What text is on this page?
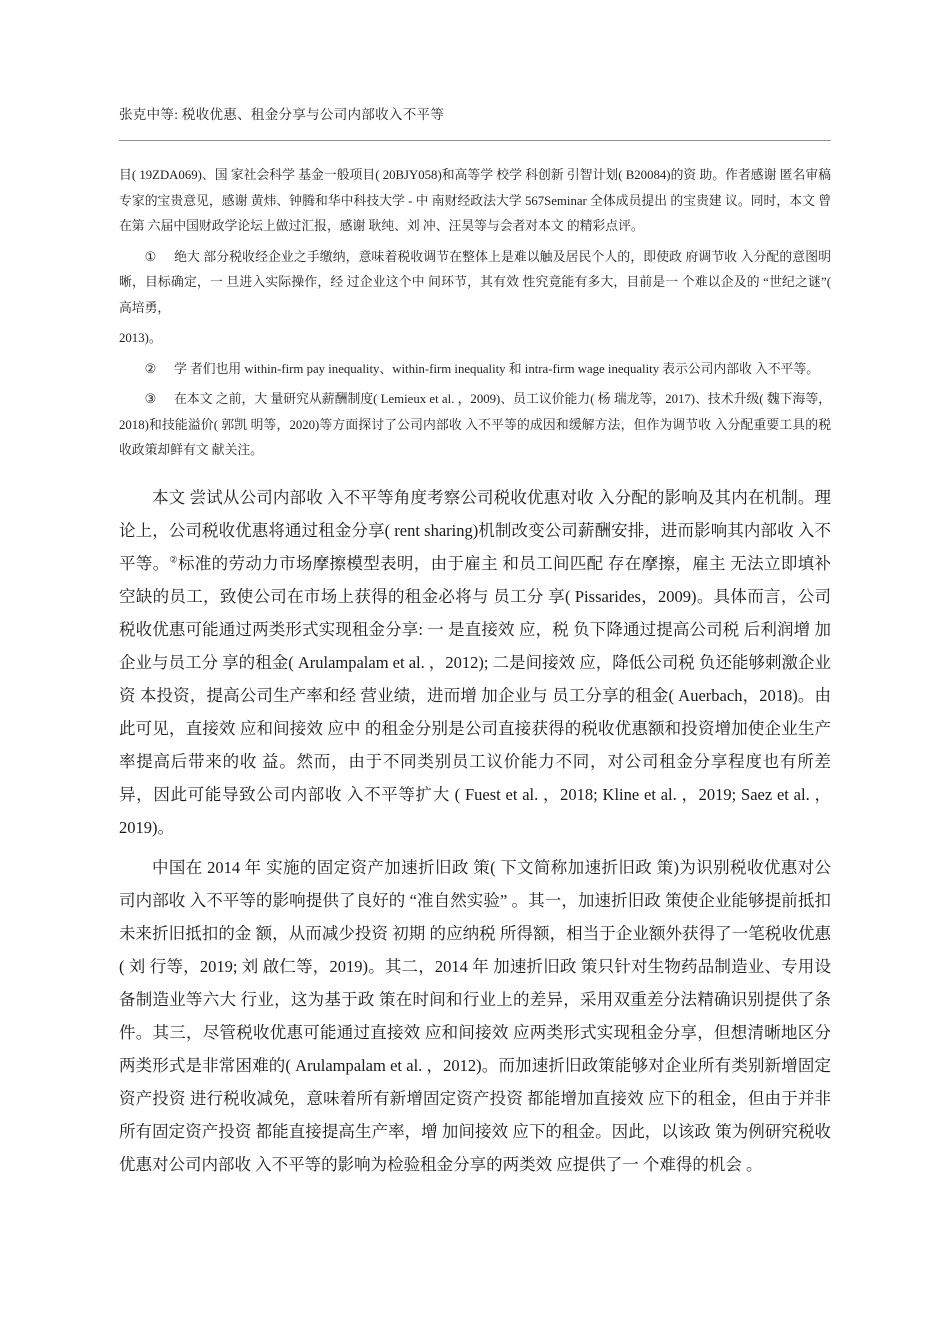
张克中等: 税收优惠、租金分享与公司内部收入不平等

目( 19ZDA069)、国 家社会科学 基金一般项目( 20BJY058)和高等学 校学 科创新 引智计划( B20084)的资 助。作者感谢 匿名审稿专家的宝贵意见，感谢 黄炜、钟腾和华中科技大学 - 中 南财经政法大学 567Seminar 全体成员提出 的宝贵建 议。同时，本文 曾在第 六届中国财政学论坛上做过汇报，感谢 耿纯、刘 冲、汪昊等与会者对本文 的精彩点评。

① 绝大 部分税收经企业之手缴纳，意味着税收调节在整体上是难以触及居民个人的，即使政 府调节收 入分配的意图明晰，目标确定，一 旦进入实际操作，经 过企业这个中 间环节，其有效 性究竟能有多大，目前是一 个难以企及的 “世纪之谜”( 高培勇，

2013)。

② 学 者们也用 within-firm pay inequality、within-firm inequality 和 intra-firm wage inequality 表示公司内部收 入不平等。

③ 在本文 之前，大 量研究从薪酬制度( Lemieux et al. ，2009)、员工议价能力( 杨 瑞龙等，2017)、技术升级( 魏下海等，2018)和技能溢价( 郭凯 明等，2020)等方面探讨了公司内部收 入不平等的成因和缓解方法，但作为调节收 入分配重要工具的税收政策却鲜有文 献关注。

本文 尝试从公司内部收 入不平等角度考察公司税收优惠对收 入分配的影响及其内在机制。理论上，公司税收优惠将通过租金分享( rent sharing)机制改变公司薪酬安排，进而影响其内部收 入不平等。②标准的劳动力市场摩擦模型表明，由于雇主 和员工间匹配 存在摩擦，雇主 无法立即填补空缺的员工，致使公司在市场上获得的租金必将与 员工分 享( Pissarides，2009)。具体而言，公司税收优惠可能通过两类形式实现租金分享: 一 是直接效 应，税 负下降通过提高公司税 后利润增 加企业与员工分 享的租金( Arulampalam et al. ，2012); 二是间接效 应，降低公司税 负还能够刺激企业资 本投资，提高公司生产率和经 营业绩，进而增 加企业与 员工分享的租金( Auerbach，2018)。由此可见，直接效 应和间接效 应中 的租金分别是公司直接获得的税收优惠额和投资增加使企业生产率提高后带来的收 益。然而，由于不同类别员工议价能力不同，对公司租金分享程度也有所差异，因此可能导致公司内部收 入不平等扩大 ( Fuest et al. ，2018; Kline et al. ，2019; Saez et al. ，2019)。

中国在 2014 年 实施的固定资产加速折旧政 策( 下文简称加速折旧政 策)为识别税收优惠对公司内部收 入不平等的影响提供了良好的 “准自然实验” 。其一，加速折旧政 策使企业能够提前抵扣未来折旧抵扣的金 额，从而减少投资 初期 的应纳税 所得额，相当于企业额外获得了一笔税收优惠 ( 刘 行等，2019; 刘 啟仁等，2019)。其二，2014 年 加速折旧政 策只针对生物药品制造业、专用设 备制造业等六大 行业，这为基于政 策在时间和行业上的差异，采用双重差分法精确识别提供了条件。其三，尽管税收优惠可能通过直接效 应和间接效 应两类形式实现租金分享，但想清晰地区分 两类形式是非常困难的( Arulampalam et al. ，2012)。而加速折旧政策能够对企业所有类别新增固定资产投资 进行税收减免，意味着所有新增固定资产投资 都能增加直接效 应下的租金，但由于并非所有固定资产投资 都能直接提高生产率，增 加间接效 应下的租金。因此，以该政 策为例研究税收优惠对公司内部收 入不平等的影响为检验租金分享的两类效 应提供了一 个难得的机会 。
